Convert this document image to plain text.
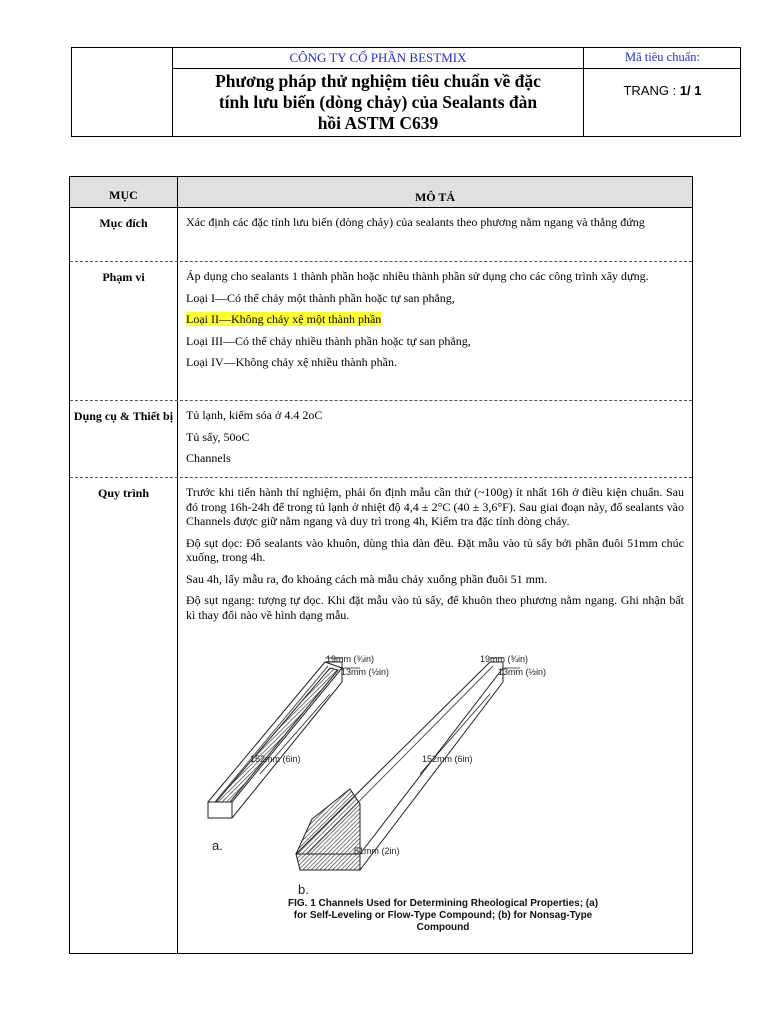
CÔNG TY CỔ PHẦN BESTMIX
Phương pháp thử nghiệm tiêu chuẩn về đặc
tính lưu biến (dòng chảy) của Sealants đàn
hồi ASTM C639
Mã tiêu chuẩn:
TRANG : 1/ 1
MỤC	MÔ TẢ
Mục đích	Xác định các đặc tính lưu biến (dòng chảy) của sealants theo phương nằm ngang và thẳng đứng

Phạm vi	Áp dụng cho sealants 1 thành phần hoặc nhiều thành phần sử dụng cho các công trình xây dựng.

Loại I—Có thể chảy một thành phần hoặc tự san phẳng,

Loại II—Không chảy xệ một thành phần

Loại III—Có thể chảy nhiều thành phần hoặc tự san phẳng,

Loại IV—Không chảy xệ nhiều thành phần.

Dụng cụ & Thiết bị	Tủ lạnh, kiểm sóa ở 4.4 2oC

Tủ sấy, 50oC

Channels

Quy trình	Trước khi tiến hành thí nghiệm, phải ổn định mẫu cần thử (~100g) ít nhất 16h ở điều kiện chuẩn. Sau đó trong 16h-24h để trong tủ lạnh ở nhiệt độ 4,4 ± 2°C (40 ± 3,6°F). Sau giai đoạn này, đổ sealants vào Channels được giữ nằm ngang và duy trì trong 4h, Kiểm tra đặc tính dòng chảy.

Độ sụt dọc: Đổ sealants vào khuôn, dùng thìa dàn đều. Đặt mẫu vào tủ sấy bởi phần đuôi 51mm chúc xuống, trong 4h.

Sau 4h, lấy mẫu ra, đo khoảng cách mà mẫu chảy xuống phần đuôi 51 mm.

Độ sụt ngang: tượng tự dọc. Khi đặt mẫu vào tủ sấy, để khuôn theo phương nằm ngang. Ghi nhận bất kì thay đổi nào về hình dạng mẫu.

19mm (¾in)
13mm (½in)
19mm (¾in)
13mm (½in)
152mm (6in)	152mm (6in)
51mm (2in)
a.
b.
FIG. 1 Channels Used for Determining Rheological Properties; (a)
for Self-Leveling or Flow-Type Compound; (b) for Nonsag-Type
Compound
